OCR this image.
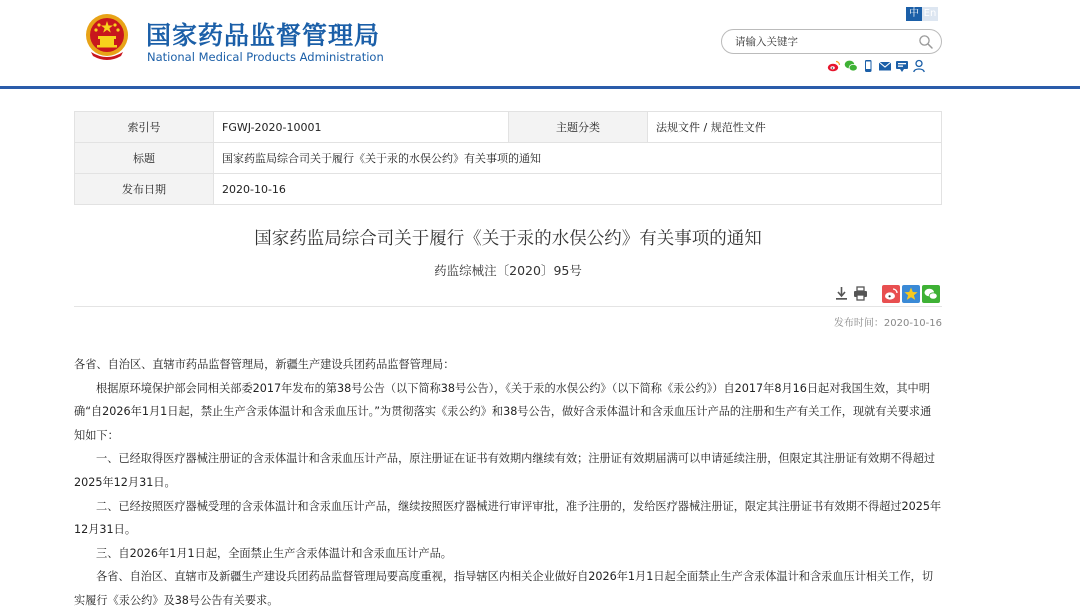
国家药品监督管理局
National Medical Products Administration
中 En
请输入关键字
索引号	FGWJ-2020-10001	主题分类	法规文件 / 规范性文件
标题	国家药监局综合司关于履行《关于汞的水俣公约》有关事项的通知		
发布日期	2020-10-16		
国家药监局综合司关于履行《关于汞的水俣公约》有关事项的通知
药监综械注〔2020〕95号
发布时间：2020-10-16

各省、自治区、直辖市药品监督管理局，新疆生产建设兵团药品监督管理局：

根据原环境保护部会同相关部委2017年发布的第38号公告（以下简称38号公告），《关于汞的水俣公约》（以下简称《汞公约》）自2017年8月16日起对我国生效，其中明确“自2026年1月1日起，禁止生产含汞体温计和含汞血压计。”为贯彻落实《汞公约》和38号公告，做好含汞体温计和含汞血压计产品的注册和生产有关工作，现就有关要求通知如下：

一、已经取得医疗器械注册证的含汞体温计和含汞血压计产品，原注册证在证书有效期内继续有效；注册证有效期届满可以申请延续注册，但限定其注册证有效期不得超过2025年12月31日。

二、已经按照医疗器械受理的含汞体温计和含汞血压计产品，继续按照医疗器械进行审评审批，准予注册的，发给医疗器械注册证，限定其注册证书有效期不得超过2025年12月31日。

三、自2026年1月1日起，全面禁止生产含汞体温计和含汞血压计产品。

各省、自治区、直辖市及新疆生产建设兵团药品监督管理局要高度重视，指导辖区内相关企业做好自2026年1月1日起全面禁止生产含汞体温计和含汞血压计相关工作，切实履行《汞公约》及38号公告有关要求。
